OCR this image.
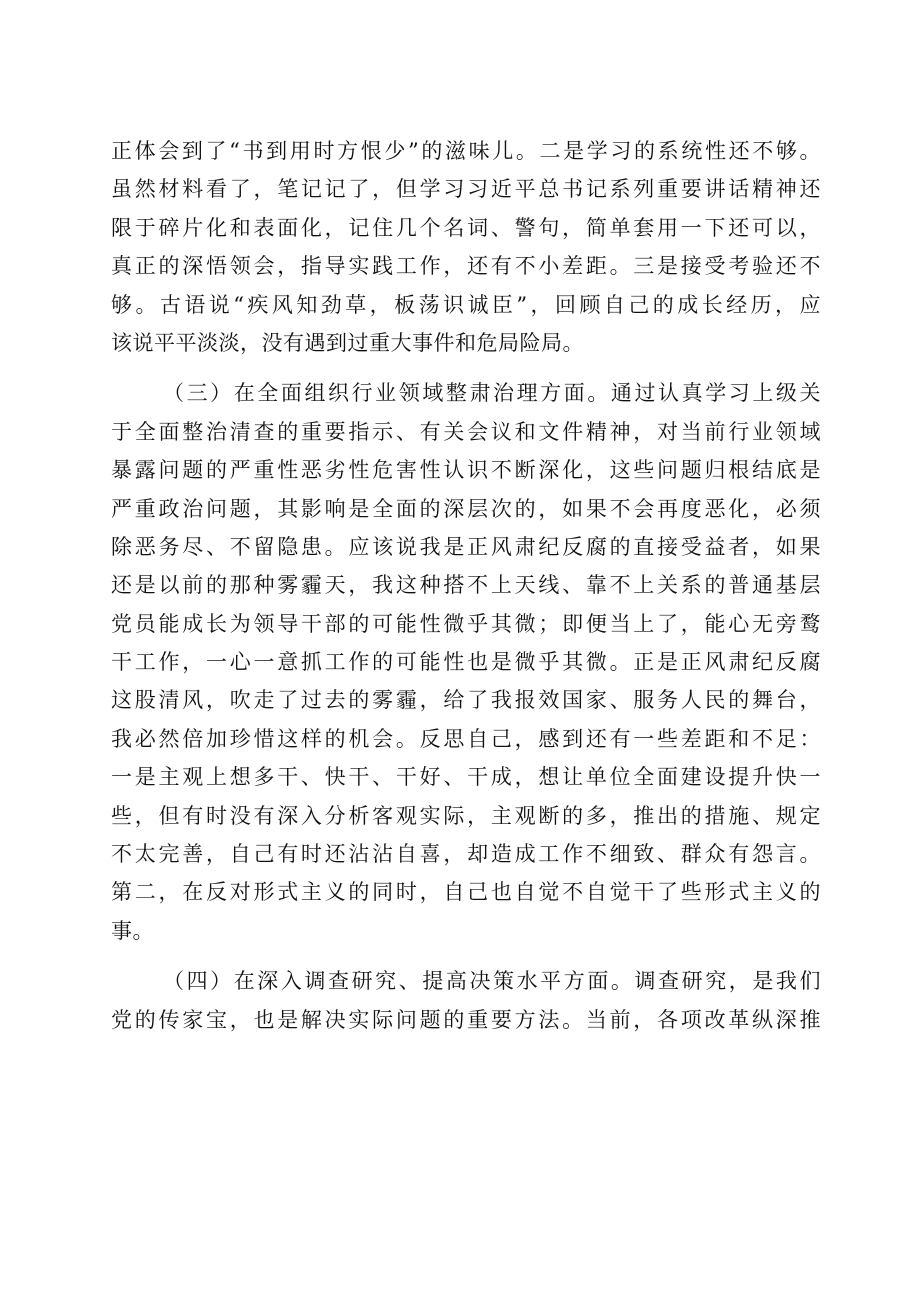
正体会到了“书到用时方恨少”的滋味儿。二是学习的系统性还不够。
虽然材料看了，笔记记了，但学习习近平总书记系列重要讲话精神还
限于碎片化和表面化，记住几个名词、警句，简单套用一下还可以，
真正的深悟领会，指导实践工作，还有不小差距。三是接受考验还不
够。古语说“疾风知劲草，板荡识诚臣”，回顾自己的成长经历，应
该说平平淡淡，没有遇到过重大事件和危局险局。
（三）在全面组织行业领域整肃治理方面。通过认真学习上级关
于全面整治清查的重要指示、有关会议和文件精神，对当前行业领域
暴露问题的严重性恶劣性危害性认识不断深化，这些问题归根结底是
严重政治问题，其影响是全面的深层次的，如果不会再度恶化，必须
除恶务尽、不留隐患。应该说我是正风肃纪反腐的直接受益者，如果
还是以前的那种雾霾天，我这种搭不上天线、靠不上关系的普通基层
党员能成长为领导干部的可能性微乎其微；即便当上了，能心无旁鹜
干工作，一心一意抓工作的可能性也是微乎其微。正是正风肃纪反腐
这股清风，吹走了过去的雾霾，给了我报效国家、服务人民的舞台，
我必然倍加珍惜这样的机会。反思自己，感到还有一些差距和不足：
一是主观上想多干、快干、干好、干成，想让单位全面建设提升快一
些，但有时没有深入分析客观实际，主观断的多，推出的措施、规定
不太完善，自己有时还沾沾自喜，却造成工作不细致、群众有怨言。
第二，在反对形式主义的同时，自己也自觉不自觉干了些形式主义的
事。
（四）在深入调查研究、提高决策水平方面。调查研究，是我们
党的传家宝，也是解决实际问题的重要方法。当前，各项改革纵深推
